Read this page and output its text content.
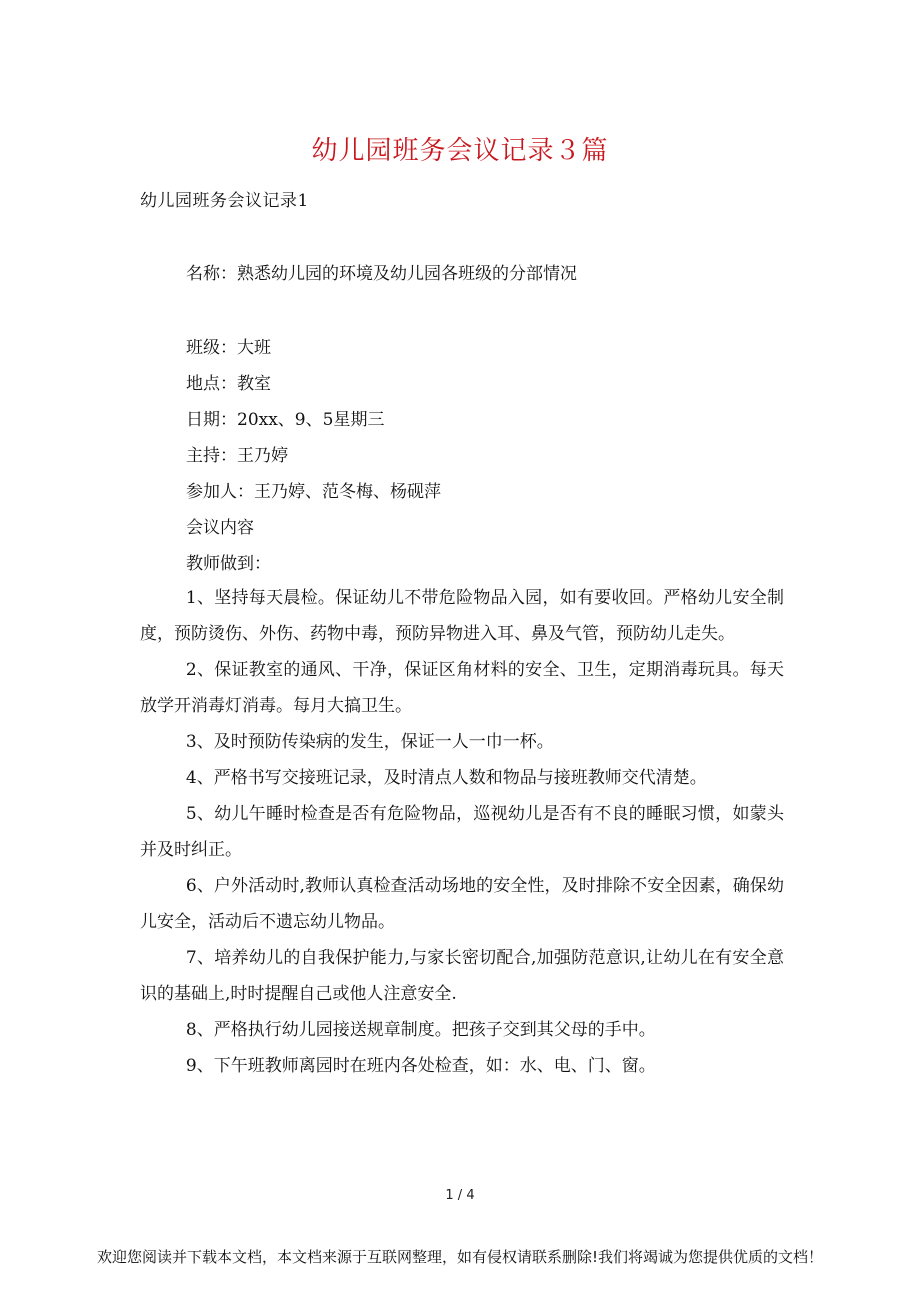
幼儿园班务会议记录３篇
幼儿园班务会议记录1
名称：熟悉幼儿园的环境及幼儿园各班级的分部情况
班级：大班
地点：教室
日期：20xx、9、5星期三
主持：王乃婷
参加人：王乃婷、范冬梅、杨砚萍
会议内容
教师做到：

1、坚持每天晨检。保证幼儿不带危险物品入园，如有要收回。严格幼儿安全制度，预防烫伤、外伤、药物中毒，预防异物进入耳、鼻及气管，预防幼儿走失。

2、保证教室的通风、干净，保证区角材料的安全、卫生，定期消毒玩具。每天放学开消毒灯消毒。每月大搞卫生。

3、及时预防传染病的发生，保证一人一巾一杯。

4、严格书写交接班记录，及时清点人数和物品与接班教师交代清楚。

5、幼儿午睡时检查是否有危险物品，巡视幼儿是否有不良的睡眠习惯，如蒙头并及时纠正。

6、户外活动时,教师认真检查活动场地的安全性，及时排除不安全因素，确保幼儿安全，活动后不遗忘幼儿物品。

7、培养幼儿的自我保护能力,与家长密切配合,加强防范意识,让幼儿在有安全意识的基础上,时时提醒自己或他人注意安全.

8、严格执行幼儿园接送规章制度。把孩子交到其父母的手中。

9、下午班教师离园时在班内各处检查，如：水、电、门、窗。

1 / 4
欢迎您阅读并下载本文档，本文档来源于互联网整理，如有侵权请联系删除!我们将竭诚为您提供优质的文档！
